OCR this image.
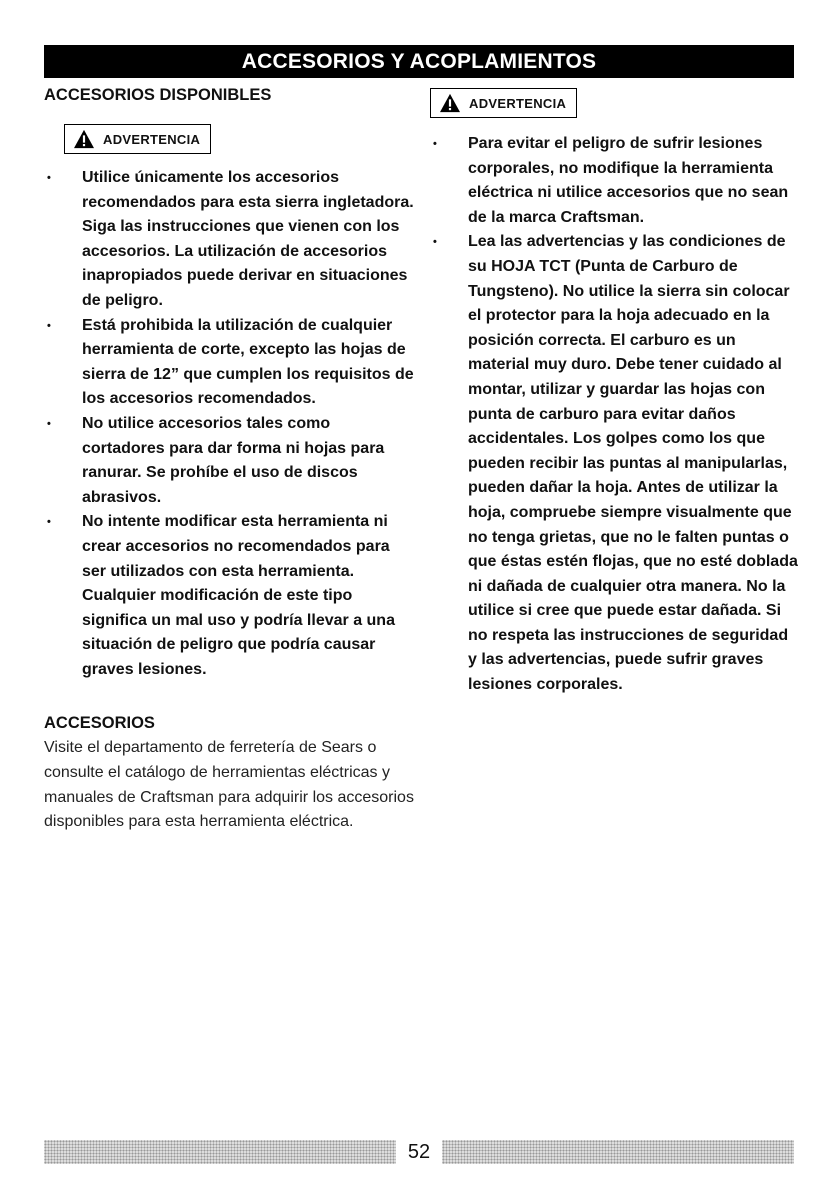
ACCESORIOS Y ACOPLAMIENTOS
ACCESORIOS DISPONIBLES
ADVERTENCIA
• Utilice únicamente los accesorios recomendados para esta sierra ingletadora. Siga las instrucciones que vienen con los accesorios. La utilización de accesorios inapropiados puede derivar en situaciones de peligro.
• Está prohibida la utilización de cualquier herramienta de corte, excepto las hojas de sierra de 12” que cumplen los requisitos de los accesorios recomendados.
• No utilice accesorios tales como cortadores para dar forma ni hojas para ranurar. Se prohíbe el uso de discos abrasivos.
• No intente modificar esta herramienta ni crear accesorios no recomendados para ser utilizados con esta herramienta. Cualquier modificación de este tipo significa un mal uso y podría llevar a una situación de peligro que podría causar graves lesiones.
ACCESORIOS

Visite el departamento de ferretería de Sears o consulte el catálogo de herramientas eléctricas y manuales de Craftsman para adquirir los accesorios disponibles para esta herramienta eléctrica.

ADVERTENCIA
• Para evitar el peligro de sufrir lesiones corporales, no modifique la herramienta eléctrica ni utilice accesorios que no sean de la marca Craftsman.
• Lea las advertencias y las condiciones de su HOJA TCT (Punta de Carburo de Tungsteno). No utilice la sierra sin colocar el protector para la hoja adecuado en la posición correcta. El carburo es un material muy duro. Debe tener cuidado al montar, utilizar y guardar las hojas con punta de carburo para evitar daños accidentales. Los golpes como los que pueden recibir las puntas al manipularlas, pueden dañar la hoja. Antes de utilizar la hoja, compruebe siempre visualmente que no tenga grietas, que no le falten puntas o que éstas estén flojas, que no esté doblada ni dañada de cualquier otra manera. No la utilice si cree que puede estar dañada. Si no respeta las instrucciones de seguridad y las advertencias, puede sufrir graves lesiones corporales.
52
